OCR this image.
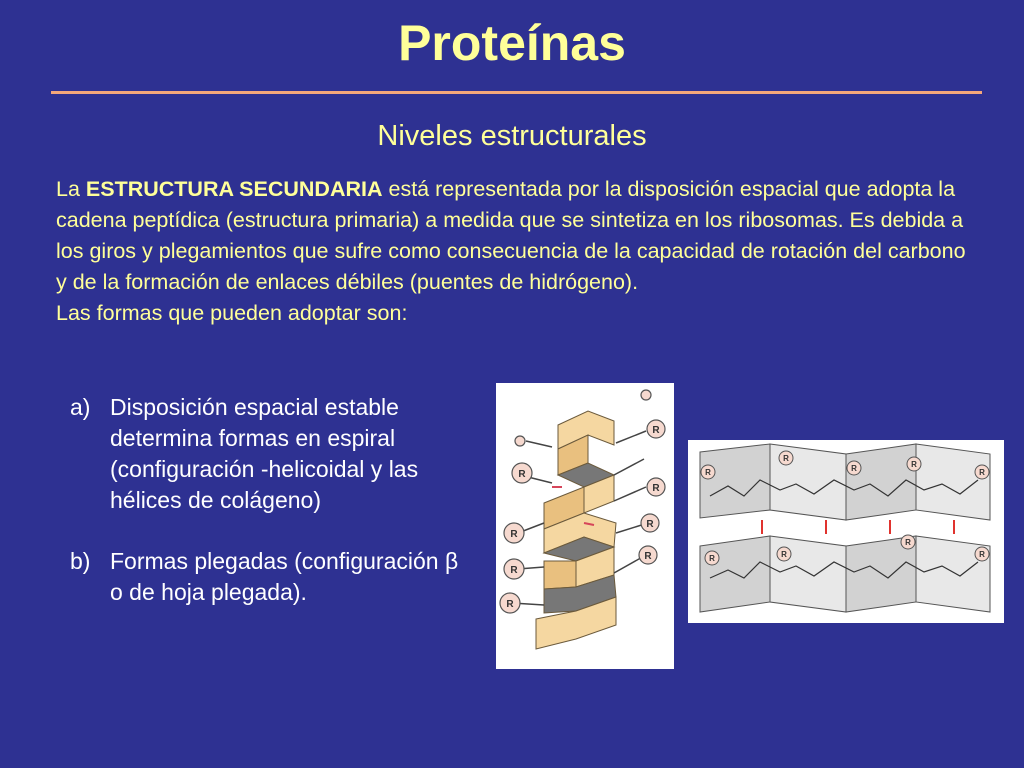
Proteínas
Niveles estructurales
La ESTRUCTURA SECUNDARIA está representada por la disposición espacial que adopta la cadena peptídica (estructura primaria) a medida que se sintetiza en los ribosomas. Es debida a los giros y plegamientos que sufre como consecuencia de la capacidad de rotación del carbono y de la formación de enlaces débiles (puentes de hidrógeno).
Las formas que pueden adoptar son:
a) Disposición espacial estable determina formas en espiral (configuración -helicoidal y las hélices de colágeno)
b) Formas plegadas (configuración β o de hoja plegada).
R
R
R
R
R
R
R
R
R
R
R	R
R
R	R
R
R
